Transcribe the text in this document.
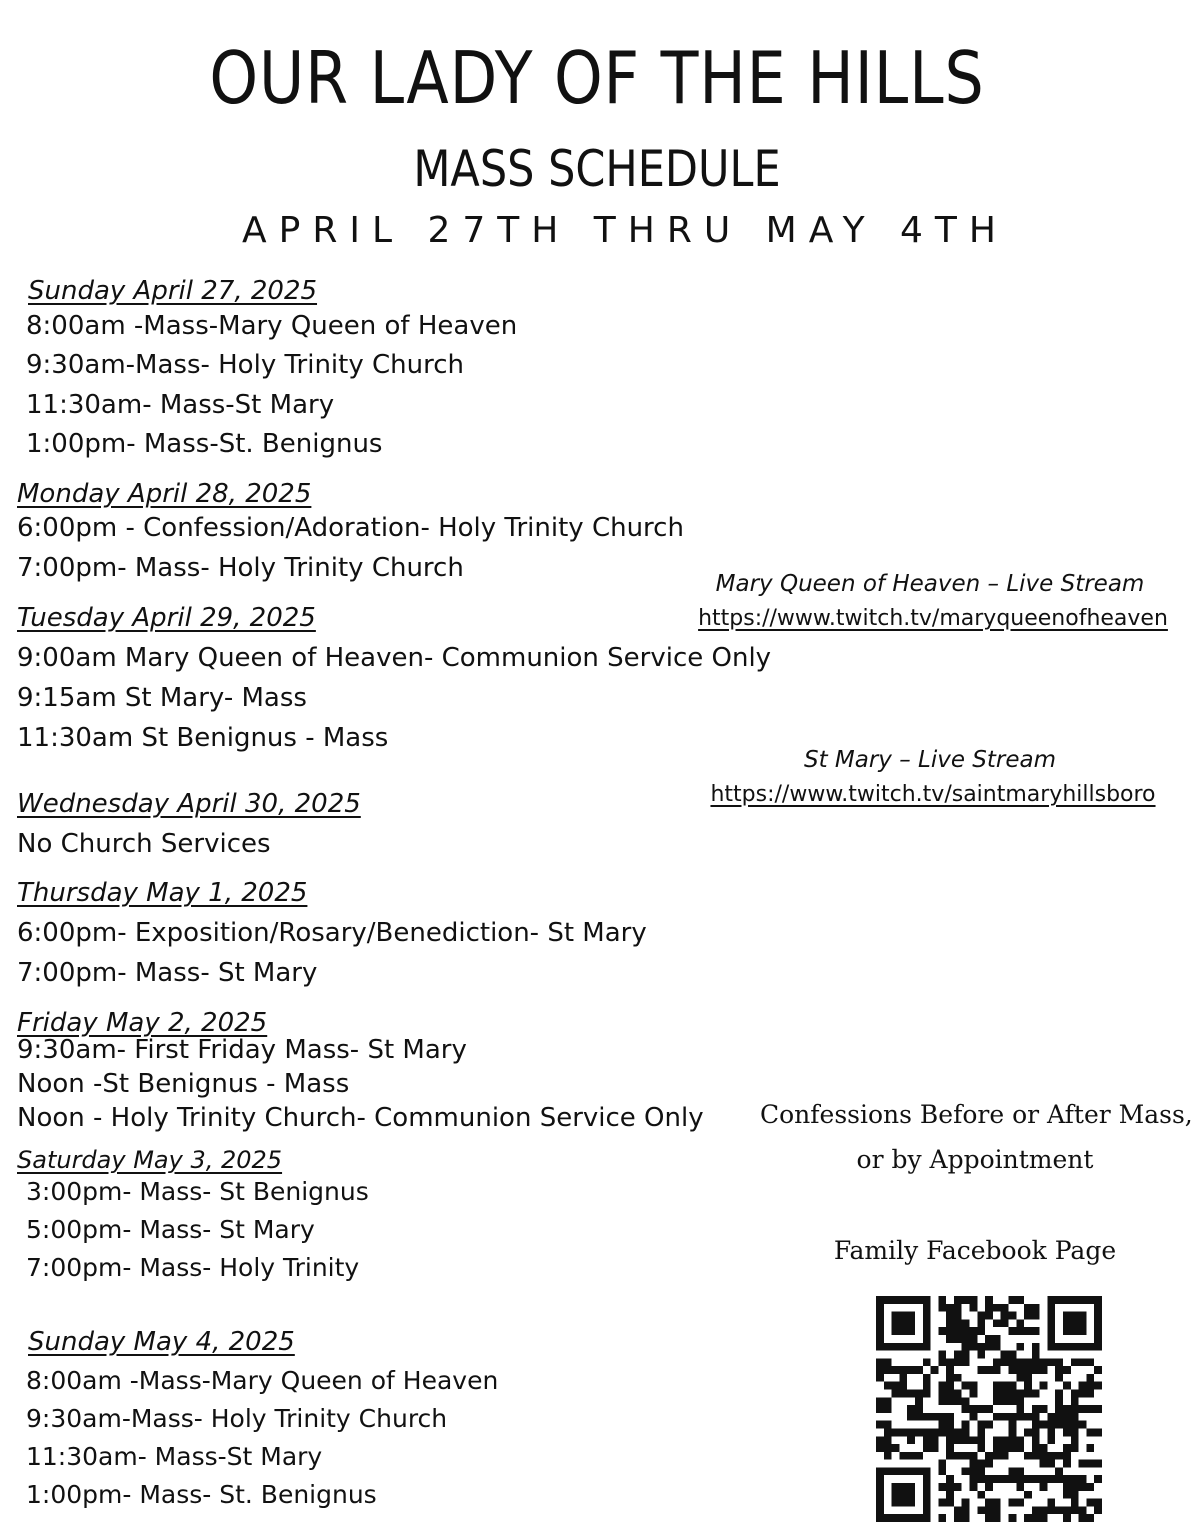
OUR LADY OF THE HILLS
MASS SCHEDULE
APRIL 27TH THRU MAY 4TH
Sunday April 27, 2025
8:00am -Mass-Mary Queen of Heaven
9:30am-Mass- Holy Trinity Church
11:30am- Mass-St Mary
1:00pm- Mass-St. Benignus
Monday April 28, 2025
6:00pm - Confession/Adoration- Holy Trinity Church
7:00pm- Mass- Holy Trinity Church
Tuesday April 29, 2025
9:00am Mary Queen of Heaven- Communion Service Only
9:15am St Mary- Mass
11:30am St Benignus - Mass
Wednesday April 30, 2025
No Church Services
Thursday May 1, 2025
6:00pm- Exposition/Rosary/Benediction- St Mary
7:00pm- Mass- St Mary
Friday May 2, 2025
9:30am- First Friday Mass- St Mary
Noon -St Benignus - Mass
Noon - Holy Trinity Church- Communion Service Only
Saturday May 3, 2025
3:00pm- Mass- St Benignus
5:00pm- Mass- St Mary
7:00pm- Mass- Holy Trinity
Sunday May 4, 2025
8:00am -Mass-Mary Queen of Heaven
9:30am-Mass- Holy Trinity Church
11:30am- Mass-St Mary
1:00pm- Mass- St. Benignus
Mary Queen of Heaven – Live Stream
https://www.twitch.tv/maryqueenofheaven
St Mary – Live Stream
https://www.twitch.tv/saintmaryhillsboro
Confessions Before or After Mass,
or by Appointment
Family Facebook Page
